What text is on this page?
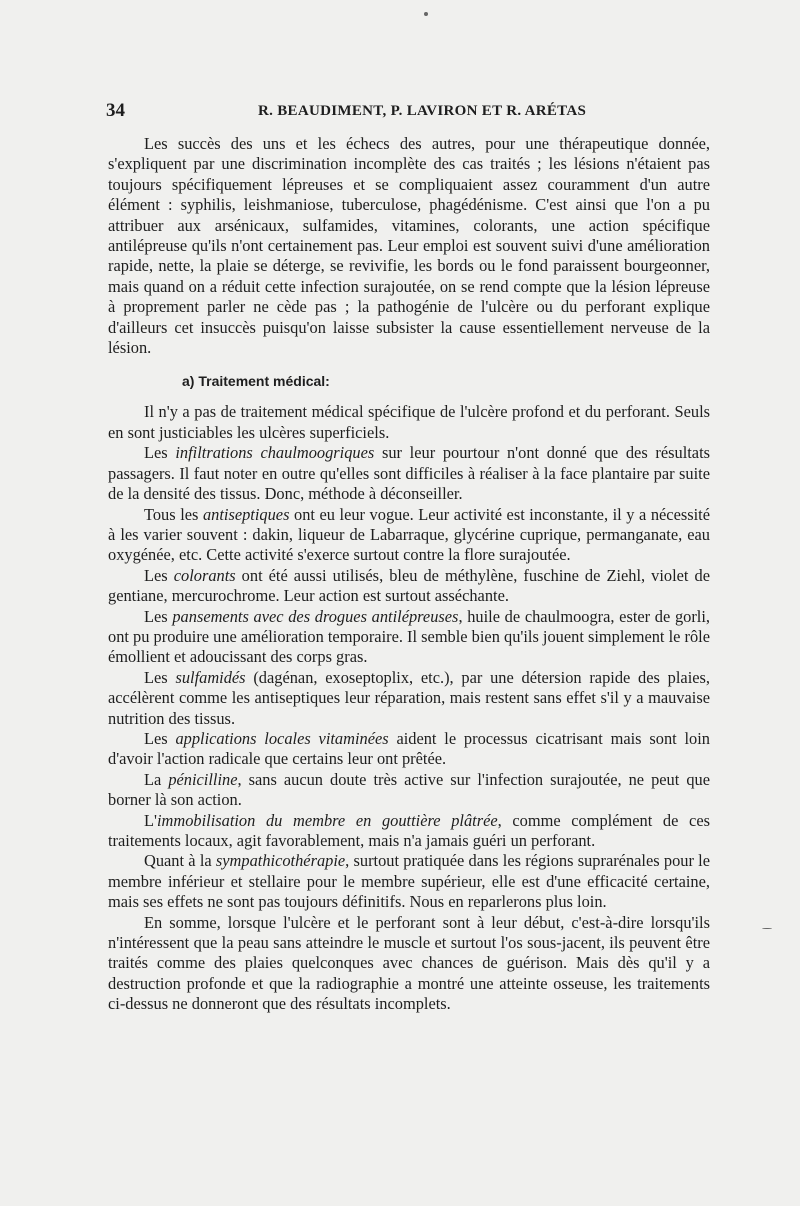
34	R. BEAUDIMENT, P. LAVIRON ET R. ARÉTAS

Les succès des uns et les échecs des autres, pour une thérapeutique donnée, s'expliquent par une discrimination incomplète des cas traités ; les lésions n'étaient pas toujours spécifiquement lépreuses et se compliquaient assez couramment d'un autre élément : syphilis, leishmaniose, tuberculose, phagédénisme. C'est ainsi que l'on a pu attribuer aux arsénicaux, sulfamides, vitamines, colorants, une action spécifique antilépreuse qu'ils n'ont certainement pas. Leur emploi est souvent suivi d'une amélioration rapide, nette, la plaie se déterge, se revivifie, les bords ou le fond paraissent bourgeonner, mais quand on a réduit cette infection surajoutée, on se rend compte que la lésion lépreuse à proprement parler ne cède pas ; la pathogénie de l'ulcère ou du perforant explique d'ailleurs cet insuccès puisqu'on laisse subsister la cause essentiellement nerveuse de la lésion.

a) Traitement médical:

Il n'y a pas de traitement médical spécifique de l'ulcère profond et du perforant. Seuls en sont justiciables les ulcères superficiels.

Les infiltrations chaulmoogriques sur leur pourtour n'ont donné que des résultats passagers. Il faut noter en outre qu'elles sont difficiles à réaliser à la face plantaire par suite de la densité des tissus. Donc, méthode à déconseiller.

Tous les antiseptiques ont eu leur vogue. Leur activité est inconstante, il y a nécessité à les varier souvent : dakin, liqueur de Labarraque, glycérine cuprique, permanganate, eau oxygénée, etc. Cette activité s'exerce surtout contre la flore surajoutée.

Les colorants ont été aussi utilisés, bleu de méthylène, fuschine de Ziehl, violet de gentiane, mercurochrome. Leur action est surtout asséchante.

Les pansements avec des drogues antilépreuses, huile de chaulmoogra, ester de gorli, ont pu produire une amélioration temporaire. Il semble bien qu'ils jouent simplement le rôle émollient et adoucissant des corps gras.

Les sulfamidés (dagénan, exoseptoplix, etc.), par une détersion rapide des plaies, accélèrent comme les antiseptiques leur réparation, mais restent sans effet s'il y a mauvaise nutrition des tissus.

Les applications locales vitaminées aident le processus cicatrisant mais sont loin d'avoir l'action radicale que certains leur ont prêtée.

La pénicilline, sans aucun doute très active sur l'infection surajoutée, ne peut que borner là son action.

L'immobilisation du membre en gouttière plâtrée, comme complément de ces traitements locaux, agit favorablement, mais n'a jamais guéri un perforant.

Quant à la sympathicothérapie, surtout pratiquée dans les régions suprarénales pour le membre inférieur et stellaire pour le membre supérieur, elle est d'une efficacité certaine, mais ses effets ne sont pas toujours définitifs. Nous en reparlerons plus loin.

En somme, lorsque l'ulcère et le perforant sont à leur début, c'est-à-dire lorsqu'ils n'intéressent que la peau sans atteindre le muscle et surtout l'os sous-jacent, ils peuvent être traités comme des plaies quelconques avec chances de guérison. Mais dès qu'il y a destruction profonde et que la radiographie a montré une atteinte osseuse, les traitements ci-dessus ne donneront que des résultats incomplets.
